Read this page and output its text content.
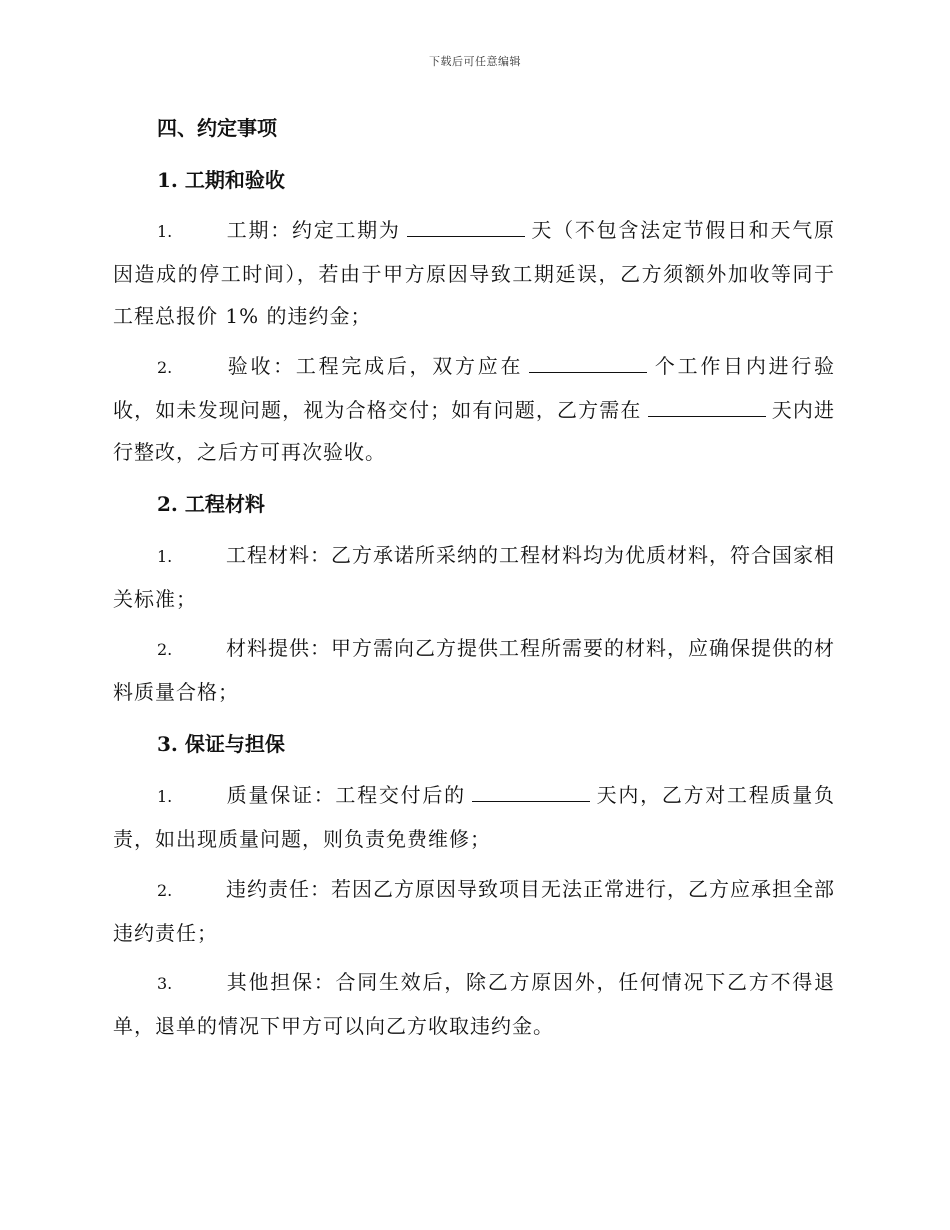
下载后可任意编辑
四、约定事项
1. 工期和验收
1.	工期：约定工期为	天（不包含法定节假日和天气原因造成的停工时间），若由于甲方原因导致工期延误，乙方须额外加收等同于工程总报价 1% 的违约金；
2.	验收：工程完成后，双方应在	个工作日内进行验收，如未发现问题，视为合格交付；如有问题，乙方需在	天内进行整改，之后方可再次验收。
2. 工程材料
1.	工程材料：乙方承诺所采纳的工程材料均为优质材料，符合国家相关标准；
2.	材料提供：甲方需向乙方提供工程所需要的材料，应确保提供的材料质量合格；
3. 保证与担保
1.	质量保证：工程交付后的	天内，乙方对工程质量负责，如出现质量问题，则负责免费维修；
2.	违约责任：若因乙方原因导致项目无法正常进行，乙方应承担全部违约责任；
3.	其他担保：合同生效后，除乙方原因外，任何情况下乙方不得退单，退单的情况下甲方可以向乙方收取违约金。
